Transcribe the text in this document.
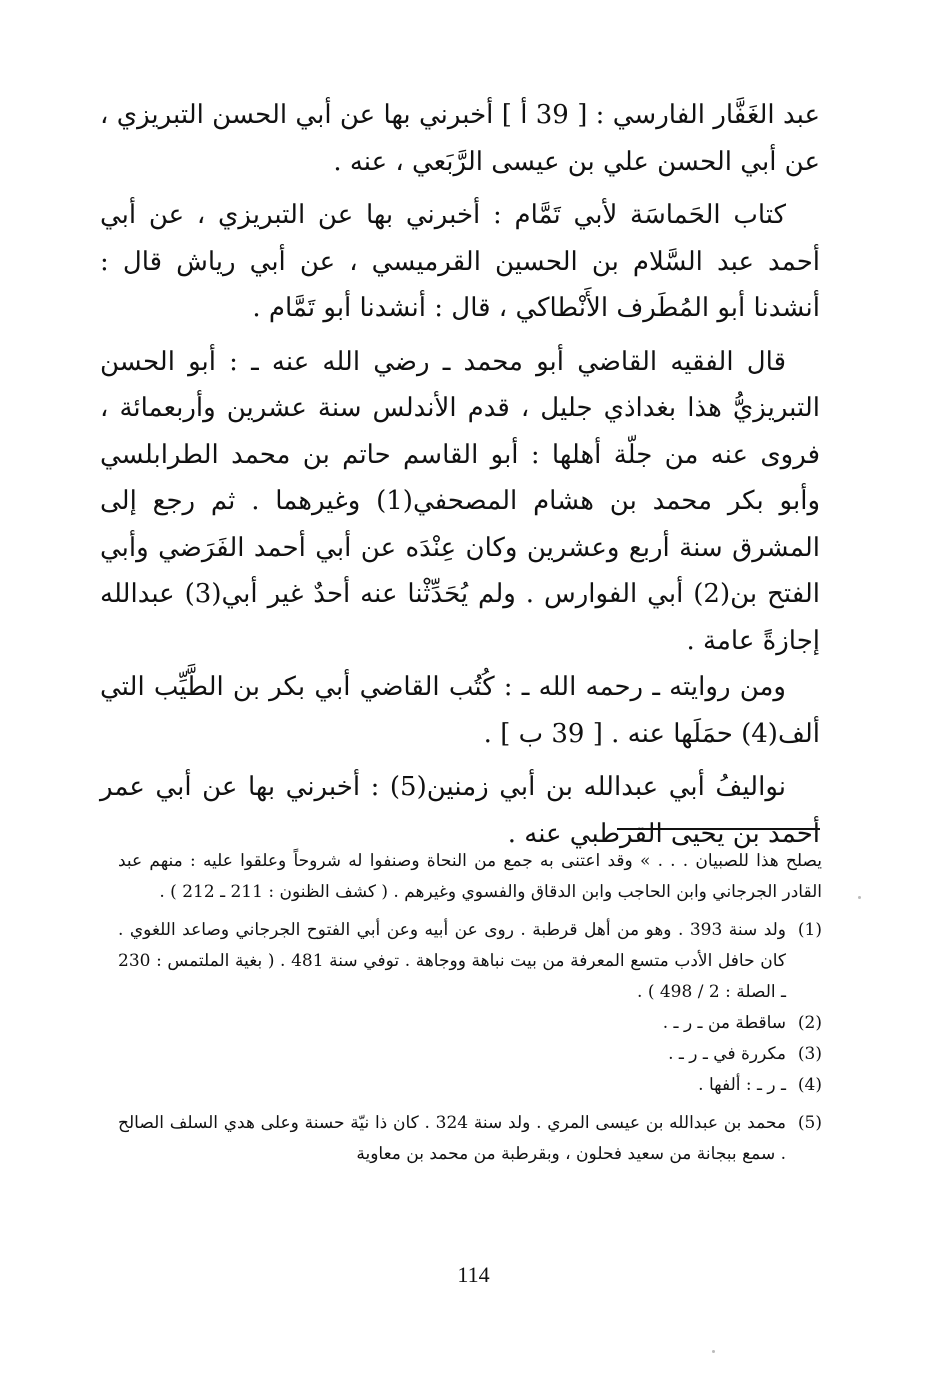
عبد الغَفَّار الفارسي : [ 39 أ ] أخبرني بها عن أبي الحسن التبريزي ، عن أبي الحسن علي بن عيسى الرَّبَعي ، عنه .

كتاب الحَماسَة لأبي تَمَّام : أخبرني بها عن التبريزي ، عن أبي أحمد عبد السَّلام بن الحسين القرميسي ، عن أبي رياش قال : أنشدنا أبو المُطَرف الأَنْطاكي ، قال : أنشدنا أبو تَمَّام .

قال الفقيه القاضي أبو محمد ـ رضي الله عنه ـ : أبو الحسن التبريزيُّ هذا بغداذي جليل ، قدم الأندلس سنة عشرين وأربعمائة ، فروى عنه من جلّة أهلها : أبو القاسم حاتم بن محمد الطرابلسي وأبو بكر محمد بن هشام المصحفي(1) وغيرهما . ثم رجع إلى المشرق سنة أربع وعشرين وكان عِنْدَه عن أبي أحمد الفَرَضي وأبي الفتح بن(2) أبي الفوارس . ولم يُحَدِّثْنا عنه أحدٌ غير أبي(3) عبدالله إجازةً عامة .

ومن روايته ـ رحمه الله ـ : كُتُب القاضي أبي بكر بن الطَّيِّب التي ألف(4) حمَلَها عنه . [ 39 ب ] .

نواليفُ أبي عبدالله بن أبي زمنين(5) : أخبرني بها عن أبي عمر أحمد بن يحيى القرطبي عنه .

يصلح هذا للصبيان . . . » وقد اعتنى به جمع من النحاة وصنفوا له شروحاً وعلقوا عليه : منهم عبد القادر الجرجاني وابن الحاجب وابن الدقاق والفسوي وغيرهم . ( كشف الظنون : 211 ـ 212 ) .
(1)
ولد سنة 393 . وهو من أهل قرطبة . روى عن أبيه وعن أبي الفتوح الجرجاني وصاعد اللغوي . كان حافل الأدب متسع المعرفة من بيت نباهة ووجاهة . توفي سنة 481 . ( بغية الملتمس : 230 ـ الصلة : 2 / 498 ) .
(2)
ساقطة من ـ ر ـ .
(3)
مكررة في ـ ر ـ .
(4)
ـ ر ـ : ألفها .
(5)
محمد بن عبدالله بن عيسى المري . ولد سنة 324 . كان ذا نيّة حسنة وعلى هدي السلف الصالح . سمع ببجانة من سعيد فحلون ، وبقرطبة من محمد بن معاوية
114
